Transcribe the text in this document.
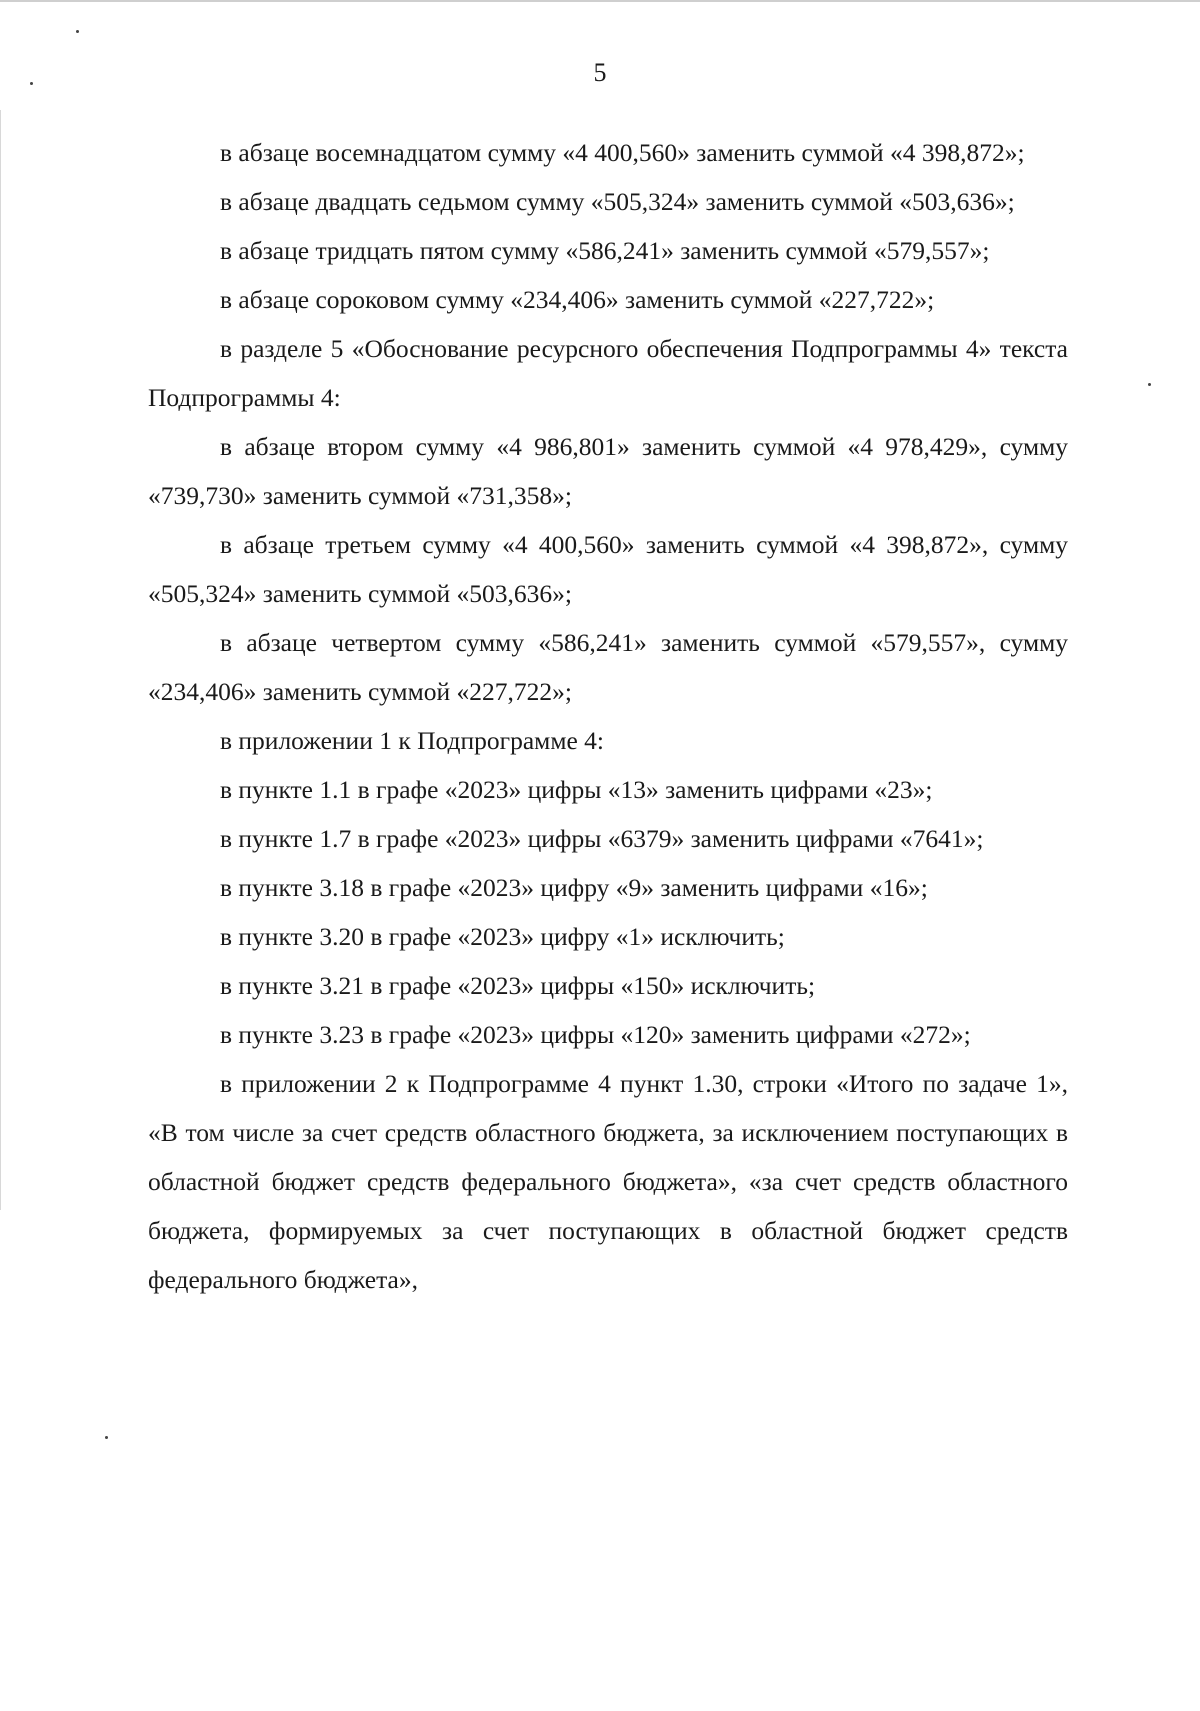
5

в абзаце восемнадцатом сумму «4 400,560» заменить суммой «4 398,872»;

в абзаце двадцать седьмом сумму «505,324» заменить суммой «503,636»;

в абзаце тридцать пятом сумму «586,241» заменить суммой «579,557»;

в абзаце сороковом сумму «234,406» заменить суммой «227,722»;

в разделе 5 «Обоснование ресурсного обеспечения Подпрограммы 4» текста Подпрограммы 4:

в абзаце втором сумму «4 986,801» заменить суммой «4 978,429», сумму «739,730» заменить суммой «731,358»;

в абзаце третьем сумму «4 400,560» заменить суммой «4 398,872», сумму «505,324» заменить суммой «503,636»;

в абзаце четвертом сумму «586,241» заменить суммой «579,557», сумму «234,406» заменить суммой «227,722»;

в приложении 1 к Подпрограмме 4:

в пункте 1.1 в графе «2023» цифры «13» заменить цифрами «23»;

в пункте 1.7 в графе «2023» цифры «6379» заменить цифрами «7641»;

в пункте 3.18 в графе «2023» цифру «9» заменить цифрами «16»;

в пункте 3.20 в графе «2023» цифру «1» исключить;

в пункте 3.21 в графе «2023» цифры «150» исключить;

в пункте 3.23 в графе «2023» цифры «120» заменить цифрами «272»;

в приложении 2 к Подпрограмме 4 пункт 1.30, строки «Итого по задаче 1», «В том числе за счет средств областного бюджета, за исключением поступающих в областной бюджет средств федерального бюджета», «за счет средств областного бюджета, формируемых за счет поступающих в областной бюджет средств федерального бюджета»,
